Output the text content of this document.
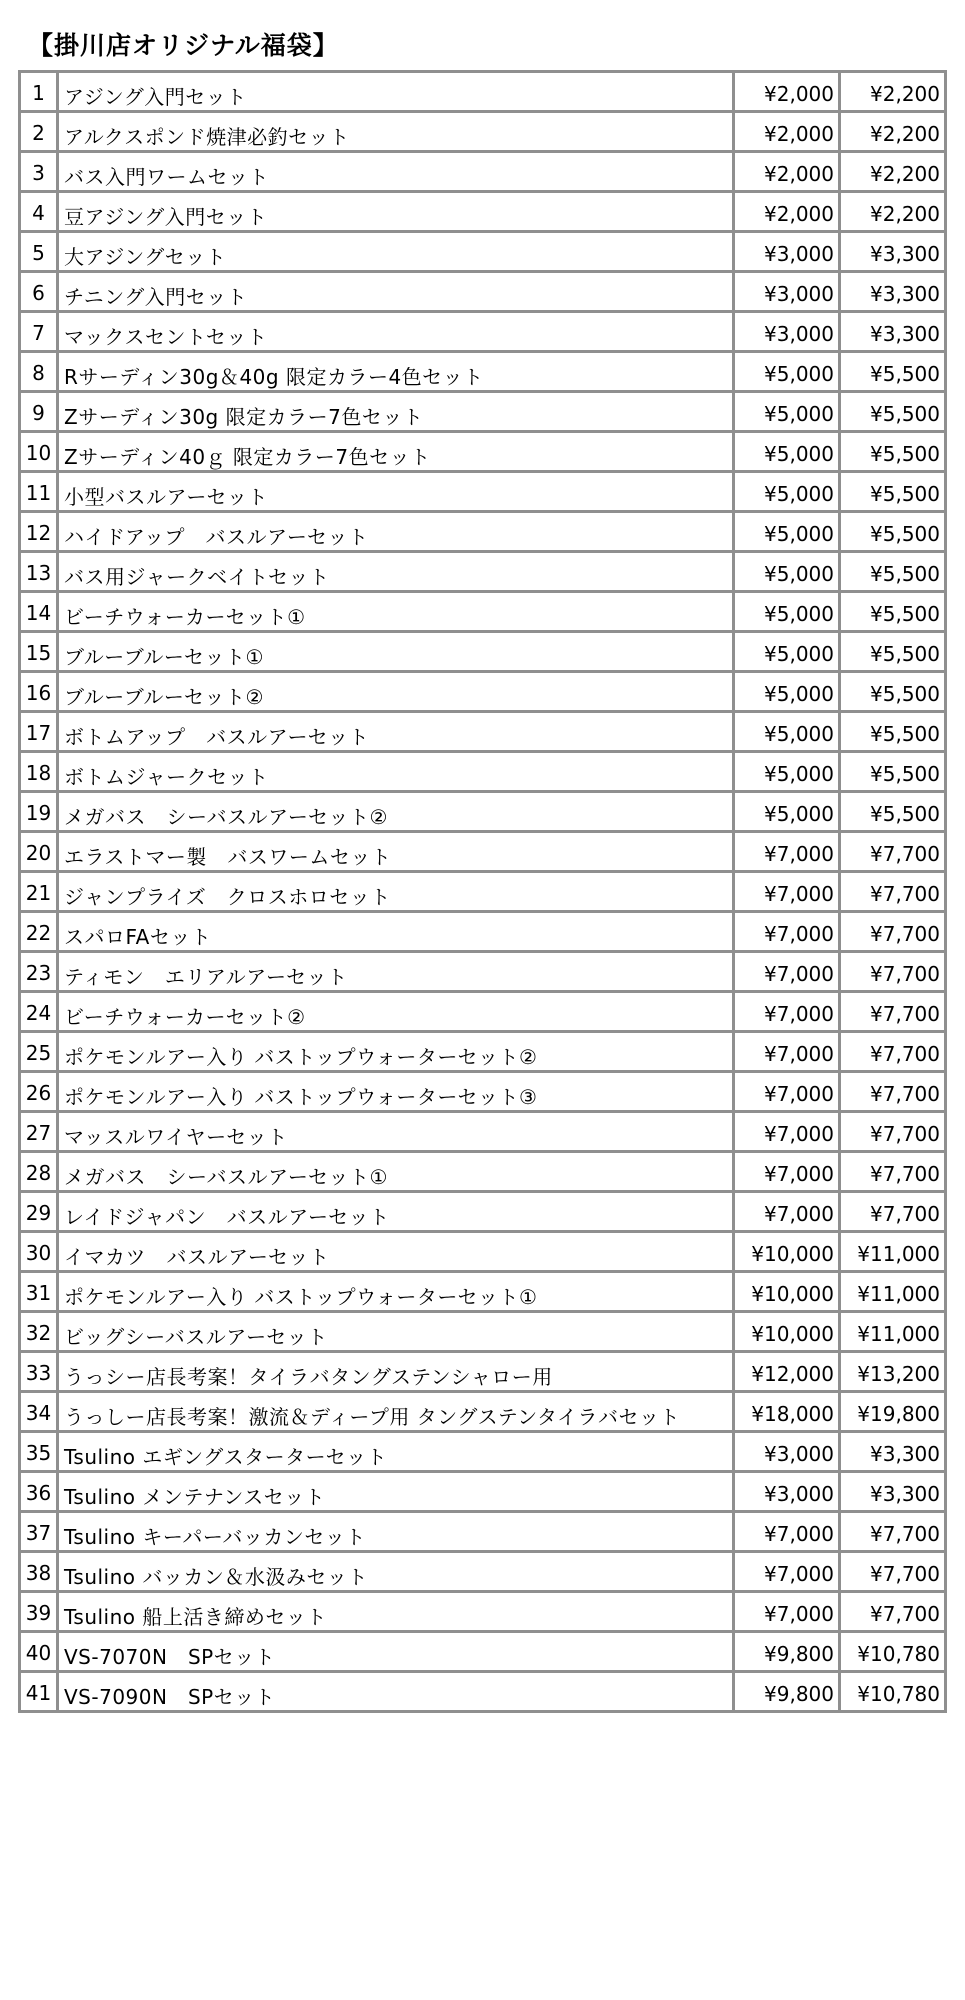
【掛川店オリジナル福袋】
1	アジング入門セット	¥2,000	¥2,200
2	アルクスポンド焼津必釣セット	¥2,000	¥2,200
3	バス入門ワームセット	¥2,000	¥2,200
4	豆アジング入門セット	¥2,000	¥2,200
5	大アジングセット	¥3,000	¥3,300
6	チニング入門セット	¥3,000	¥3,300
7	マックスセントセット	¥3,000	¥3,300
8	Rサーディン30g＆40g 限定カラー4色セット	¥5,000	¥5,500
9	Zサーディン30g 限定カラー7色セット	¥5,000	¥5,500
10	Zサーディン40ｇ 限定カラー7色セット	¥5,000	¥5,500
11	小型バスルアーセット	¥5,000	¥5,500
12	ハイドアップ　バスルアーセット	¥5,000	¥5,500
13	バス用ジャークベイトセット	¥5,000	¥5,500
14	ビーチウォーカーセット①	¥5,000	¥5,500
15	ブルーブルーセット①	¥5,000	¥5,500
16	ブルーブルーセット②	¥5,000	¥5,500
17	ボトムアップ　バスルアーセット	¥5,000	¥5,500
18	ボトムジャークセット	¥5,000	¥5,500
19	メガバス　シーバスルアーセット②	¥5,000	¥5,500
20	エラストマー製　バスワームセット	¥7,000	¥7,700
21	ジャンプライズ　クロスホロセット	¥7,000	¥7,700
22	スパロFAセット	¥7,000	¥7,700
23	ティモン　エリアルアーセット	¥7,000	¥7,700
24	ビーチウォーカーセット②	¥7,000	¥7,700
25	ポケモンルアー入り バストップウォーターセット②	¥7,000	¥7,700
26	ポケモンルアー入り バストップウォーターセット③	¥7,000	¥7,700
27	マッスルワイヤーセット	¥7,000	¥7,700
28	メガバス　シーバスルアーセット①	¥7,000	¥7,700
29	レイドジャパン　バスルアーセット	¥7,000	¥7,700
30	イマカツ　バスルアーセット	¥10,000	¥11,000
31	ポケモンルアー入り バストップウォーターセット①	¥10,000	¥11,000
32	ビッグシーバスルアーセット	¥10,000	¥11,000
33	うっシー店長考案！タイラバタングステンシャロー用	¥12,000	¥13,200
34	うっしー店長考案！激流＆ディープ用 タングステンタイラバセット	¥18,000	¥19,800
35	Tsulino エギングスターターセット	¥3,000	¥3,300
36	Tsulino メンテナンスセット	¥3,000	¥3,300
37	Tsulino キーパーバッカンセット	¥7,000	¥7,700
38	Tsulino バッカン＆水汲みセット	¥7,000	¥7,700
39	Tsulino 船上活き締めセット	¥7,000	¥7,700
40	VS-7070N　SPセット	¥9,800	¥10,780
41	VS-7090N　SPセット	¥9,800	¥10,780
